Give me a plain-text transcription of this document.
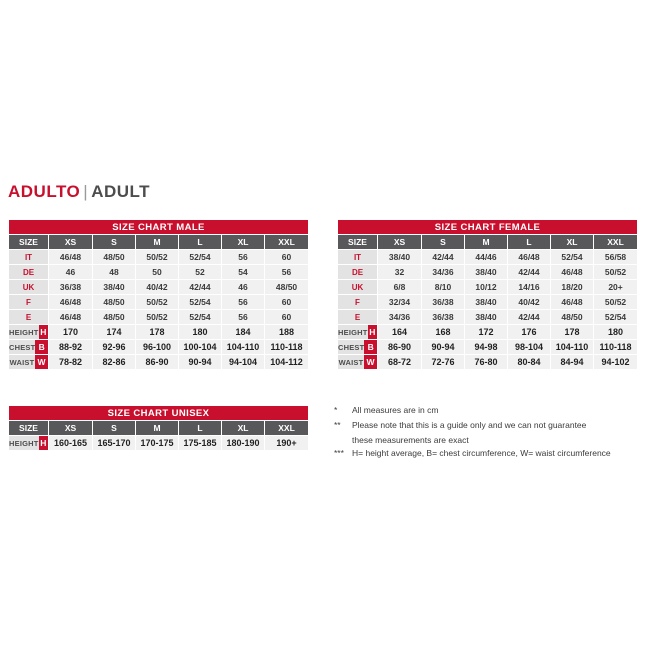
ADULTO | ADULT
SIZE CHART MALE						
SIZE	XS	S	M	L	XL	XXL
IT	46/48	48/50	50/52	52/54	56	60
DE	46	48	50	52	54	56
UK	36/38	38/40	40/42	42/44	46	48/50
F	46/48	48/50	50/52	52/54	56	60
E	46/48	48/50	50/52	52/54	56	60

HEIGHT H	170	174	178	180	184	188

CHEST B	88-92	92-96	96-100	100-104	104-110	110-118

WAIST W	78-82	82-86	86-90	90-94	94-104	104-112
SIZE CHART FEMALE						
SIZE	XS	S	M	L	XL	XXL
IT	38/40	42/44	44/46	46/48	52/54	56/58
DE	32	34/36	38/40	42/44	46/48	50/52
UK	6/8	8/10	10/12	14/16	18/20	20+
F	32/34	36/38	38/40	40/42	46/48	50/52
E	34/36	36/38	38/40	42/44	48/50	52/54

HEIGHT H	164	168	172	176	178	180

CHEST B	86-90	90-94	94-98	98-104	104-110	110-118

WAIST W	68-72	72-76	76-80	80-84	84-94	94-102
SIZE CHART UNISEX						
SIZE	XS	S	M	L	XL	XXL

HEIGHT H	160-165	165-170	170-175	175-185	180-190	190+
*	All measures are in cm
**	Please note that this is a guide only and we can not guarantee
these measurements are exact
*** H= height average, B= chest circumference, W= waist circumference
